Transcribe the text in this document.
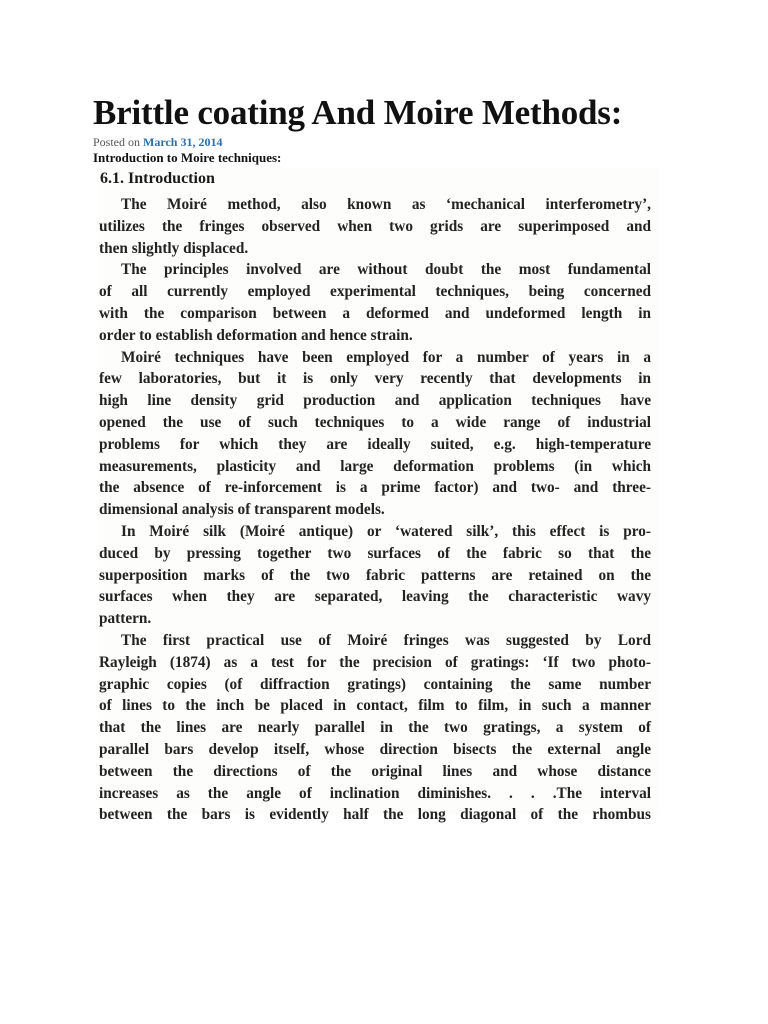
Brittle coating And Moire Methods:
Posted on March 31, 2014
Introduction to Moire techniques:
6.1. Introduction
The Moiré method, also known as ‘mechanical interferometry’,
utilizes the fringes observed when two grids are superimposed and
then slightly displaced.
The principles involved are without doubt the most fundamental
of all currently employed experimental techniques, being concerned
with the comparison between a deformed and undeformed length in
order to establish deformation and hence strain.
Moiré techniques have been employed for a number of years in a
few laboratories, but it is only very recently that developments in
high line density grid production and application techniques have
opened the use of such techniques to a wide range of industrial
problems for which they are ideally suited, e.g. high-temperature
measurements, plasticity and large deformation problems (in which
the absence of re-inforcement is a prime factor) and two- and three-
dimensional analysis of transparent models.
In Moiré silk (Moiré antique) or ‘watered silk’, this effect is pro-
duced by pressing together two surfaces of the fabric so that the
superposition marks of the two fabric patterns are retained on the
surfaces when they are separated, leaving the characteristic wavy
pattern.
The first practical use of Moiré fringes was suggested by Lord
Rayleigh (1874) as a test for the precision of gratings: ‘If two photo-
graphic copies (of diffraction gratings) containing the same number
of lines to the inch be placed in contact, film to film, in such a manner
that the lines are nearly parallel in the two gratings, a system of
parallel bars develop itself, whose direction bisects the external angle
between the directions of the original lines and whose distance
increases as the angle of inclination diminishes. . . .The interval
between the bars is evidently half the long diagonal of the rhombus
